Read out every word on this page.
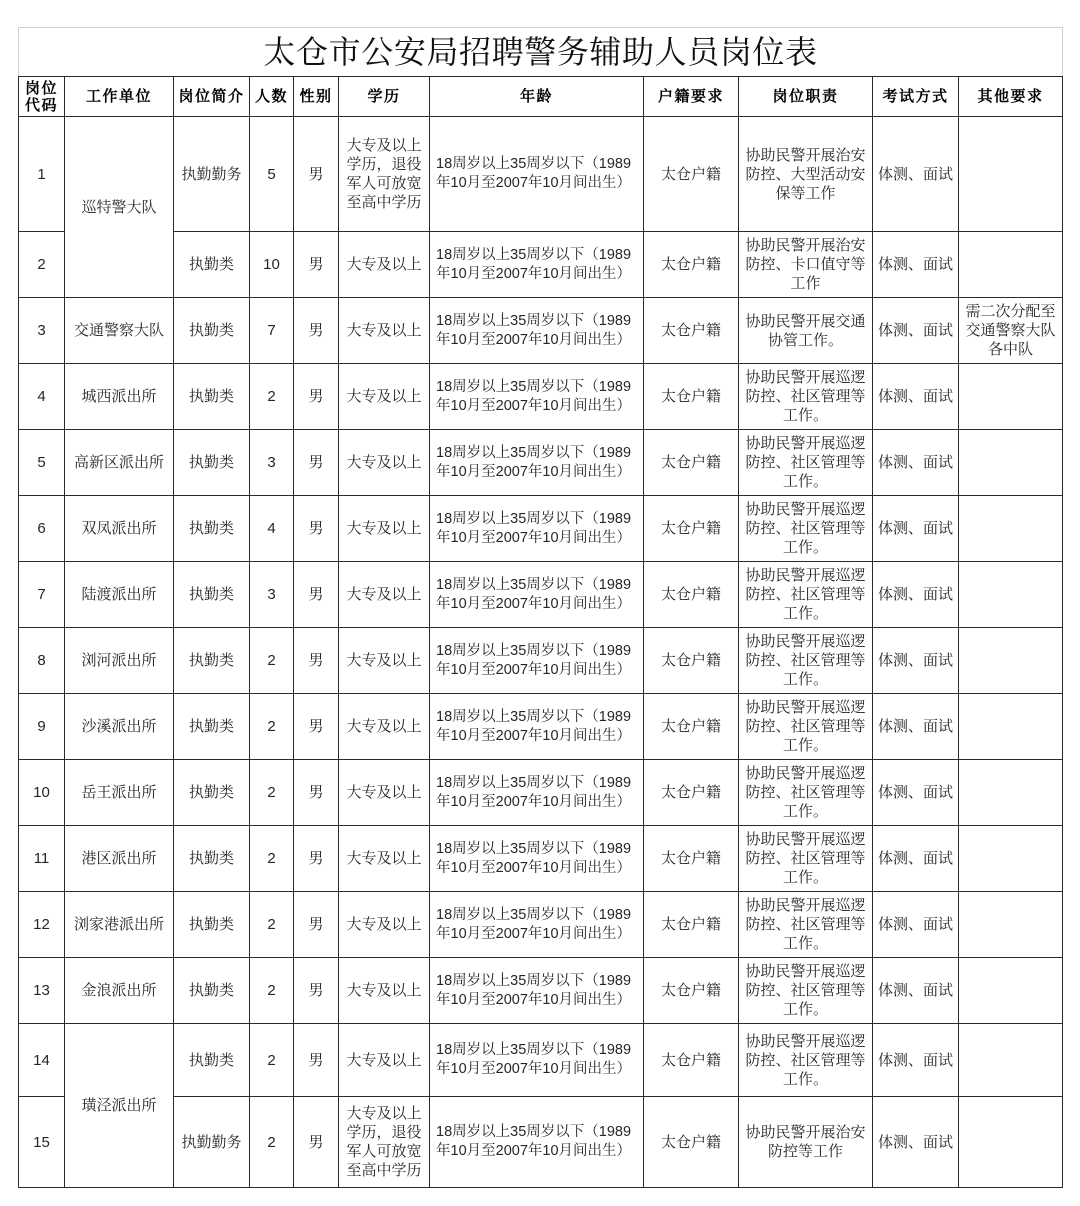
太仓市公安局招聘警务辅助人员岗位表										
岗位代码	工作单位	岗位简介	人数	性别	学历	年龄	户籍要求	岗位职责	考试方式	其他要求
1	巡特警大队	执勤勤务	5	男	大专及以上学历，退役军人可放宽至高中学历	18周岁以上35周岁以下（1989年10月至2007年10月间出生）	太仓户籍	协助民警开展治安防控、大型活动安保等工作	体测、面试	
2		执勤类	10	男	大专及以上	18周岁以上35周岁以下（1989年10月至2007年10月间出生）	太仓户籍	协助民警开展治安防控、卡口值守等工作	体测、面试	
3	交通警察大队	执勤类	7	男	大专及以上	18周岁以上35周岁以下（1989年10月至2007年10月间出生）	太仓户籍	协助民警开展交通协管工作。	体测、面试	需二次分配至交通警察大队各中队
4	城西派出所	执勤类	2	男	大专及以上	18周岁以上35周岁以下（1989年10月至2007年10月间出生）	太仓户籍	协助民警开展巡逻防控、社区管理等工作。	体测、面试	
5	高新区派出所	执勤类	3	男	大专及以上	18周岁以上35周岁以下（1989年10月至2007年10月间出生）	太仓户籍	协助民警开展巡逻防控、社区管理等工作。	体测、面试	
6	双凤派出所	执勤类	4	男	大专及以上	18周岁以上35周岁以下（1989年10月至2007年10月间出生）	太仓户籍	协助民警开展巡逻防控、社区管理等工作。	体测、面试	
7	陆渡派出所	执勤类	3	男	大专及以上	18周岁以上35周岁以下（1989年10月至2007年10月间出生）	太仓户籍	协助民警开展巡逻防控、社区管理等工作。	体测、面试	
8	浏河派出所	执勤类	2	男	大专及以上	18周岁以上35周岁以下（1989年10月至2007年10月间出生）	太仓户籍	协助民警开展巡逻防控、社区管理等工作。	体测、面试	
9	沙溪派出所	执勤类	2	男	大专及以上	18周岁以上35周岁以下（1989年10月至2007年10月间出生）	太仓户籍	协助民警开展巡逻防控、社区管理等工作。	体测、面试	
10	岳王派出所	执勤类	2	男	大专及以上	18周岁以上35周岁以下（1989年10月至2007年10月间出生）	太仓户籍	协助民警开展巡逻防控、社区管理等工作。	体测、面试	
11	港区派出所	执勤类	2	男	大专及以上	18周岁以上35周岁以下（1989年10月至2007年10月间出生）	太仓户籍	协助民警开展巡逻防控、社区管理等工作。	体测、面试	
12	浏家港派出所	执勤类	2	男	大专及以上	18周岁以上35周岁以下（1989年10月至2007年10月间出生）	太仓户籍	协助民警开展巡逻防控、社区管理等工作。	体测、面试	
13	金浪派出所	执勤类	2	男	大专及以上	18周岁以上35周岁以下（1989年10月至2007年10月间出生）	太仓户籍	协助民警开展巡逻防控、社区管理等工作。	体测、面试	
14	璜泾派出所	执勤类	2	男	大专及以上	18周岁以上35周岁以下（1989年10月至2007年10月间出生）	太仓户籍	协助民警开展巡逻防控、社区管理等工作。	体测、面试	
15		执勤勤务	2	男	大专及以上学历，退役军人可放宽至高中学历	18周岁以上35周岁以下（1989年10月至2007年10月间出生）	太仓户籍	协助民警开展治安防控等工作	体测、面试	
